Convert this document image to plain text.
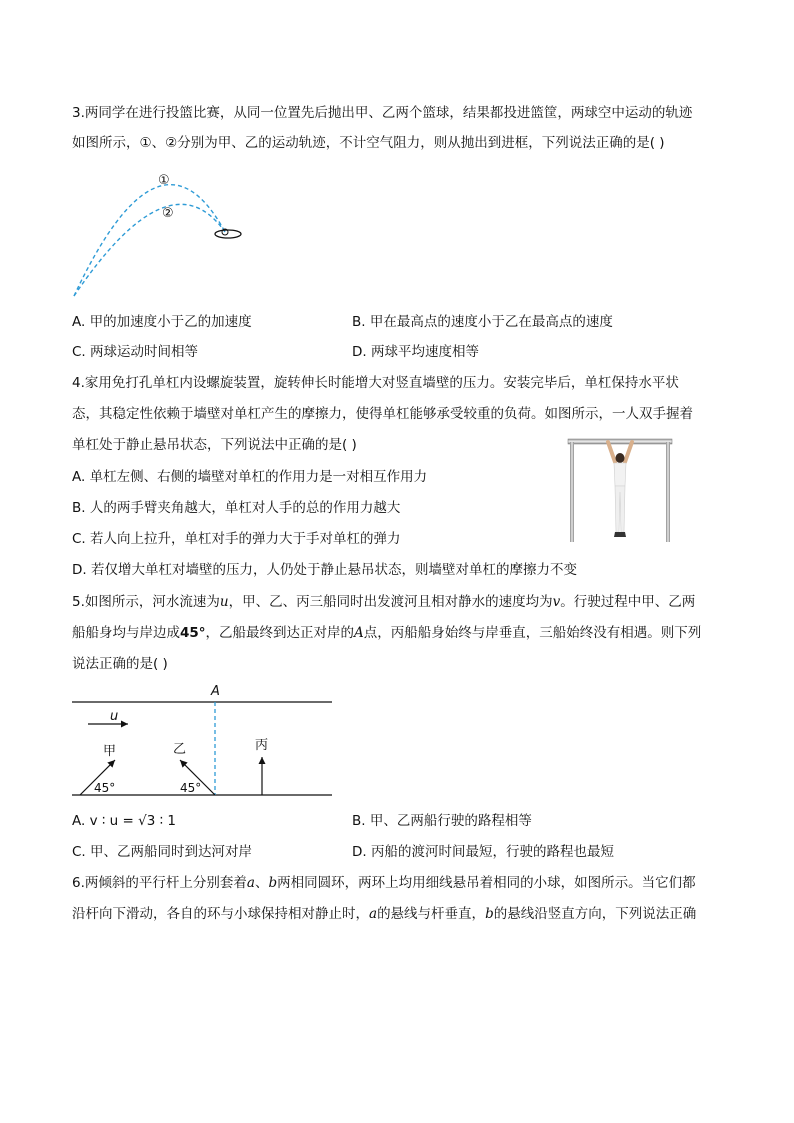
3.两同学在进行投篮比赛，从同一位置先后抛出甲、乙两个篮球，结果都投进篮筐，两球空中运动的轨迹
如图所示，①、②分别为甲、乙的运动轨迹，不计空气阻力，则从抛出到进框，下列说法正确的是( )
①
②
A. 甲的加速度小于乙的加速度	B. 甲在最高点的速度小于乙在最高点的速度
C. 两球运动时间相等	D. 两球平均速度相等
4.家用免打孔单杠内设螺旋装置，旋转伸长时能增大对竖直墙壁的压力。安装完毕后，单杠保持水平状
态，其稳定性依赖于墙壁对单杠产生的摩擦力，使得单杠能够承受较重的负荷。如图所示，一人双手握着
单杠处于静止悬吊状态，下列说法中正确的是( )
A. 单杠左侧、右侧的墙壁对单杠的作用力是一对相互作用力
B. 人的两手臂夹角越大，单杠对人手的总的作用力越大
C. 若人向上拉升，单杠对手的弹力大于手对单杠的弹力
D. 若仅增大单杠对墙壁的压力，人仍处于静止悬吊状态，则墙壁对单杠的摩擦力不变
5.如图所示，河水流速为u，甲、乙、丙三船同时出发渡河且相对静水的速度均为v。行驶过程中甲、乙两
船船身均与岸边成45°，乙船最终到达正对岸的A点，丙船船身始终与岸垂直，三船始终没有相遇。则下列
说法正确的是( )
A
u
甲
45°
乙
45°
丙
A. v ∶ u = √3 ∶ 1	B. 甲、乙两船行驶的路程相等
C. 甲、乙两船同时到达河对岸	D. 丙船的渡河时间最短，行驶的路程也最短
6.两倾斜的平行杆上分别套着a、b两相同圆环，两环上均用细线悬吊着相同的小球，如图所示。当它们都
沿杆向下滑动，各自的环与小球保持相对静止时，a的悬线与杆垂直，b的悬线沿竖直方向，下列说法正确
